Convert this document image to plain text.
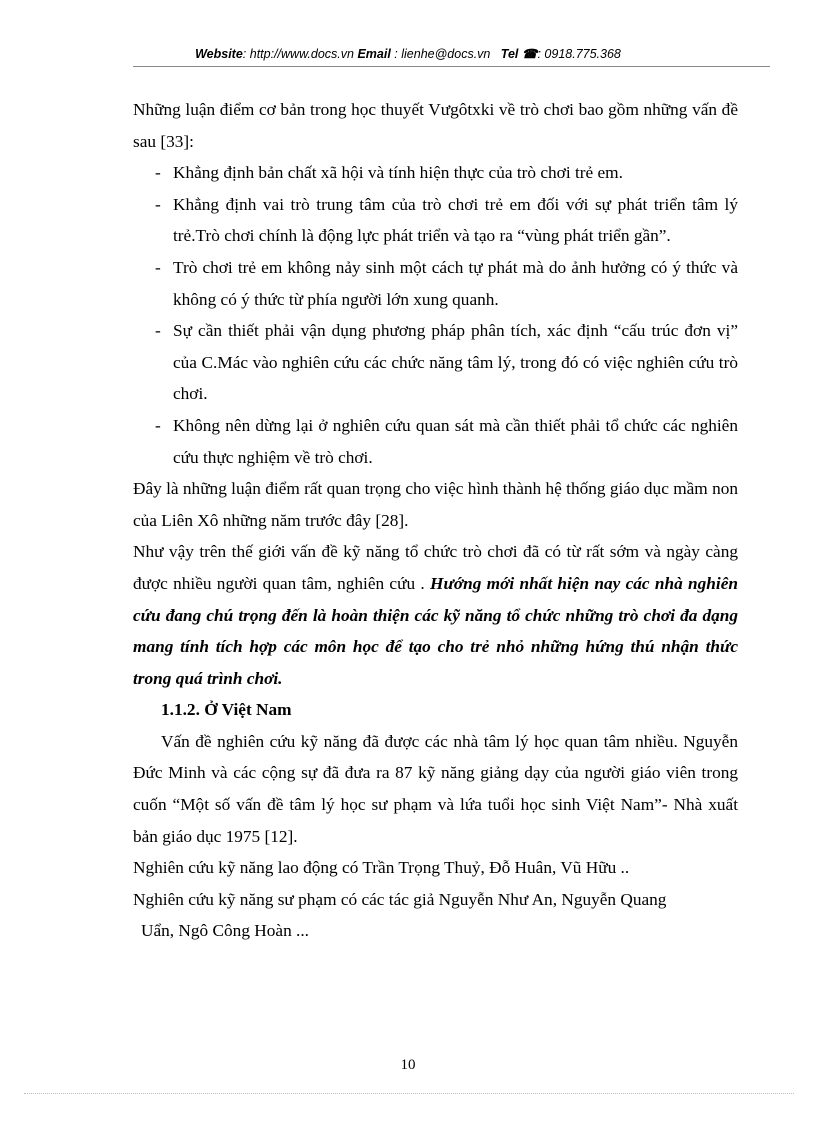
Website: http://www.docs.vn Email : lienhe@docs.vn Tel ☎: 0918.775.368

Những luận điểm cơ bản trong học thuyết Vưgôtxki về trò chơi bao gồm những vấn đề sau [33]:

- Khẳng định bản chất xã hội và tính hiện thực của trò chơi trẻ em.
- Khẳng định vai trò trung tâm của trò chơi trẻ em đối với sự phát triển tâm lý trẻ.Trò chơi chính là động lực phát triển và tạo ra “vùng phát triển gần”.
- Trò chơi trẻ em không nảy sinh một cách tự phát mà do ảnh hưởng có ý thức và không có ý thức từ phía người lớn xung quanh.
- Sự cần thiết phải vận dụng phương pháp phân tích, xác định “cấu trúc đơn vị” của C.Mác vào nghiên cứu các chức năng tâm lý, trong đó có việc nghiên cứu trò chơi.
- Không nên dừng lại ở nghiên cứu quan sát mà cần thiết phải tổ chức các nghiên cứu thực nghiệm về trò chơi.

Đây là những luận điểm rất quan trọng cho việc hình thành hệ thống giáo dục mầm non của Liên Xô những năm trước đây [28].

Như vậy trên thế giới vấn đề kỹ năng tổ chức trò chơi đã có từ rất sớm và ngày càng được nhiều người quan tâm, nghiên cứu . Hướng mới nhất hiện nay các nhà nghiên cứu đang chú trọng đến là hoàn thiện các kỹ năng tổ chức những trò chơi đa dạng mang tính tích hợp các môn học để tạo cho trẻ nhỏ những hứng thú nhận thức trong quá trình chơi.

1.1.2. Ở Việt Nam

Vấn đề nghiên cứu kỹ năng đã được các nhà tâm lý học quan tâm nhiều. Nguyễn Đức Minh và các cộng sự đã đưa ra 87 kỹ năng giảng dạy của người giáo viên trong cuốn “Một số vấn đề tâm lý học sư phạm và lứa tuổi học sinh Việt Nam”- Nhà xuất bản giáo dục 1975 [12].

Nghiên cứu kỹ năng lao động có Trần Trọng Thuỷ, Đỗ Huân, Vũ Hữu ..

Nghiên cứu kỹ năng sư phạm có các tác giả Nguyễn Như An, Nguyễn Quang
Uẩn, Ngô Công Hoàn ...

10
